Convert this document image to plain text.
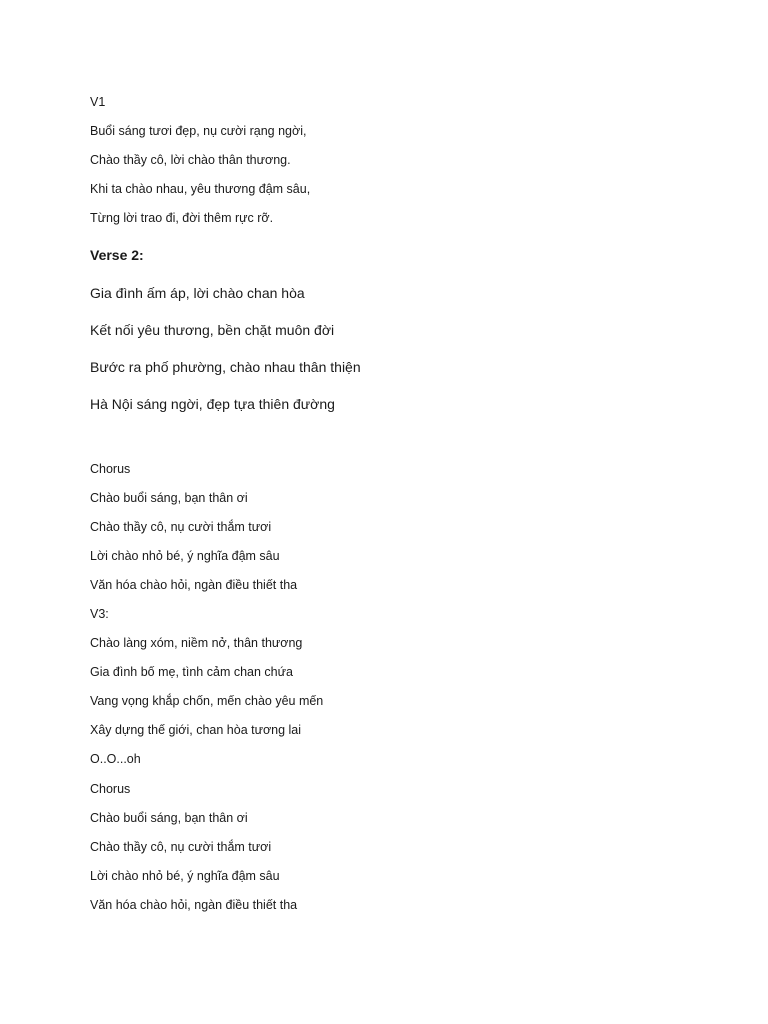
V1
Buổi sáng tươi đẹp, nụ cười rạng ngời,
Chào thầy cô, lời chào thân thương.
Khi ta chào nhau, yêu thương đậm sâu,
Từng lời trao đi, đời thêm rực rỡ.
Verse 2:
Gia đình ấm áp, lời chào chan hòa
Kết nối yêu thương, bền chặt muôn đời
Bước ra phố phường, chào nhau thân thiện
Hà Nội sáng ngời, đẹp tựa thiên đường
Chorus
Chào buổi sáng, bạn thân ơi
Chào thầy cô, nụ cười thắm tươi
Lời chào nhỏ bé, ý nghĩa đậm sâu
Văn hóa chào hỏi, ngàn điều thiết tha
V3:
Chào làng xóm, niềm nở, thân thương
Gia đình bố mẹ, tình cảm chan chứa
Vang vọng khắp chốn, mến chào yêu mến
Xây dựng thế giới, chan hòa tương lai
O..O...oh
Chorus
Chào buổi sáng, bạn thân ơi
Chào thầy cô, nụ cười thắm tươi
Lời chào nhỏ bé, ý nghĩa đậm sâu
Văn hóa chào hỏi, ngàn điều thiết tha
